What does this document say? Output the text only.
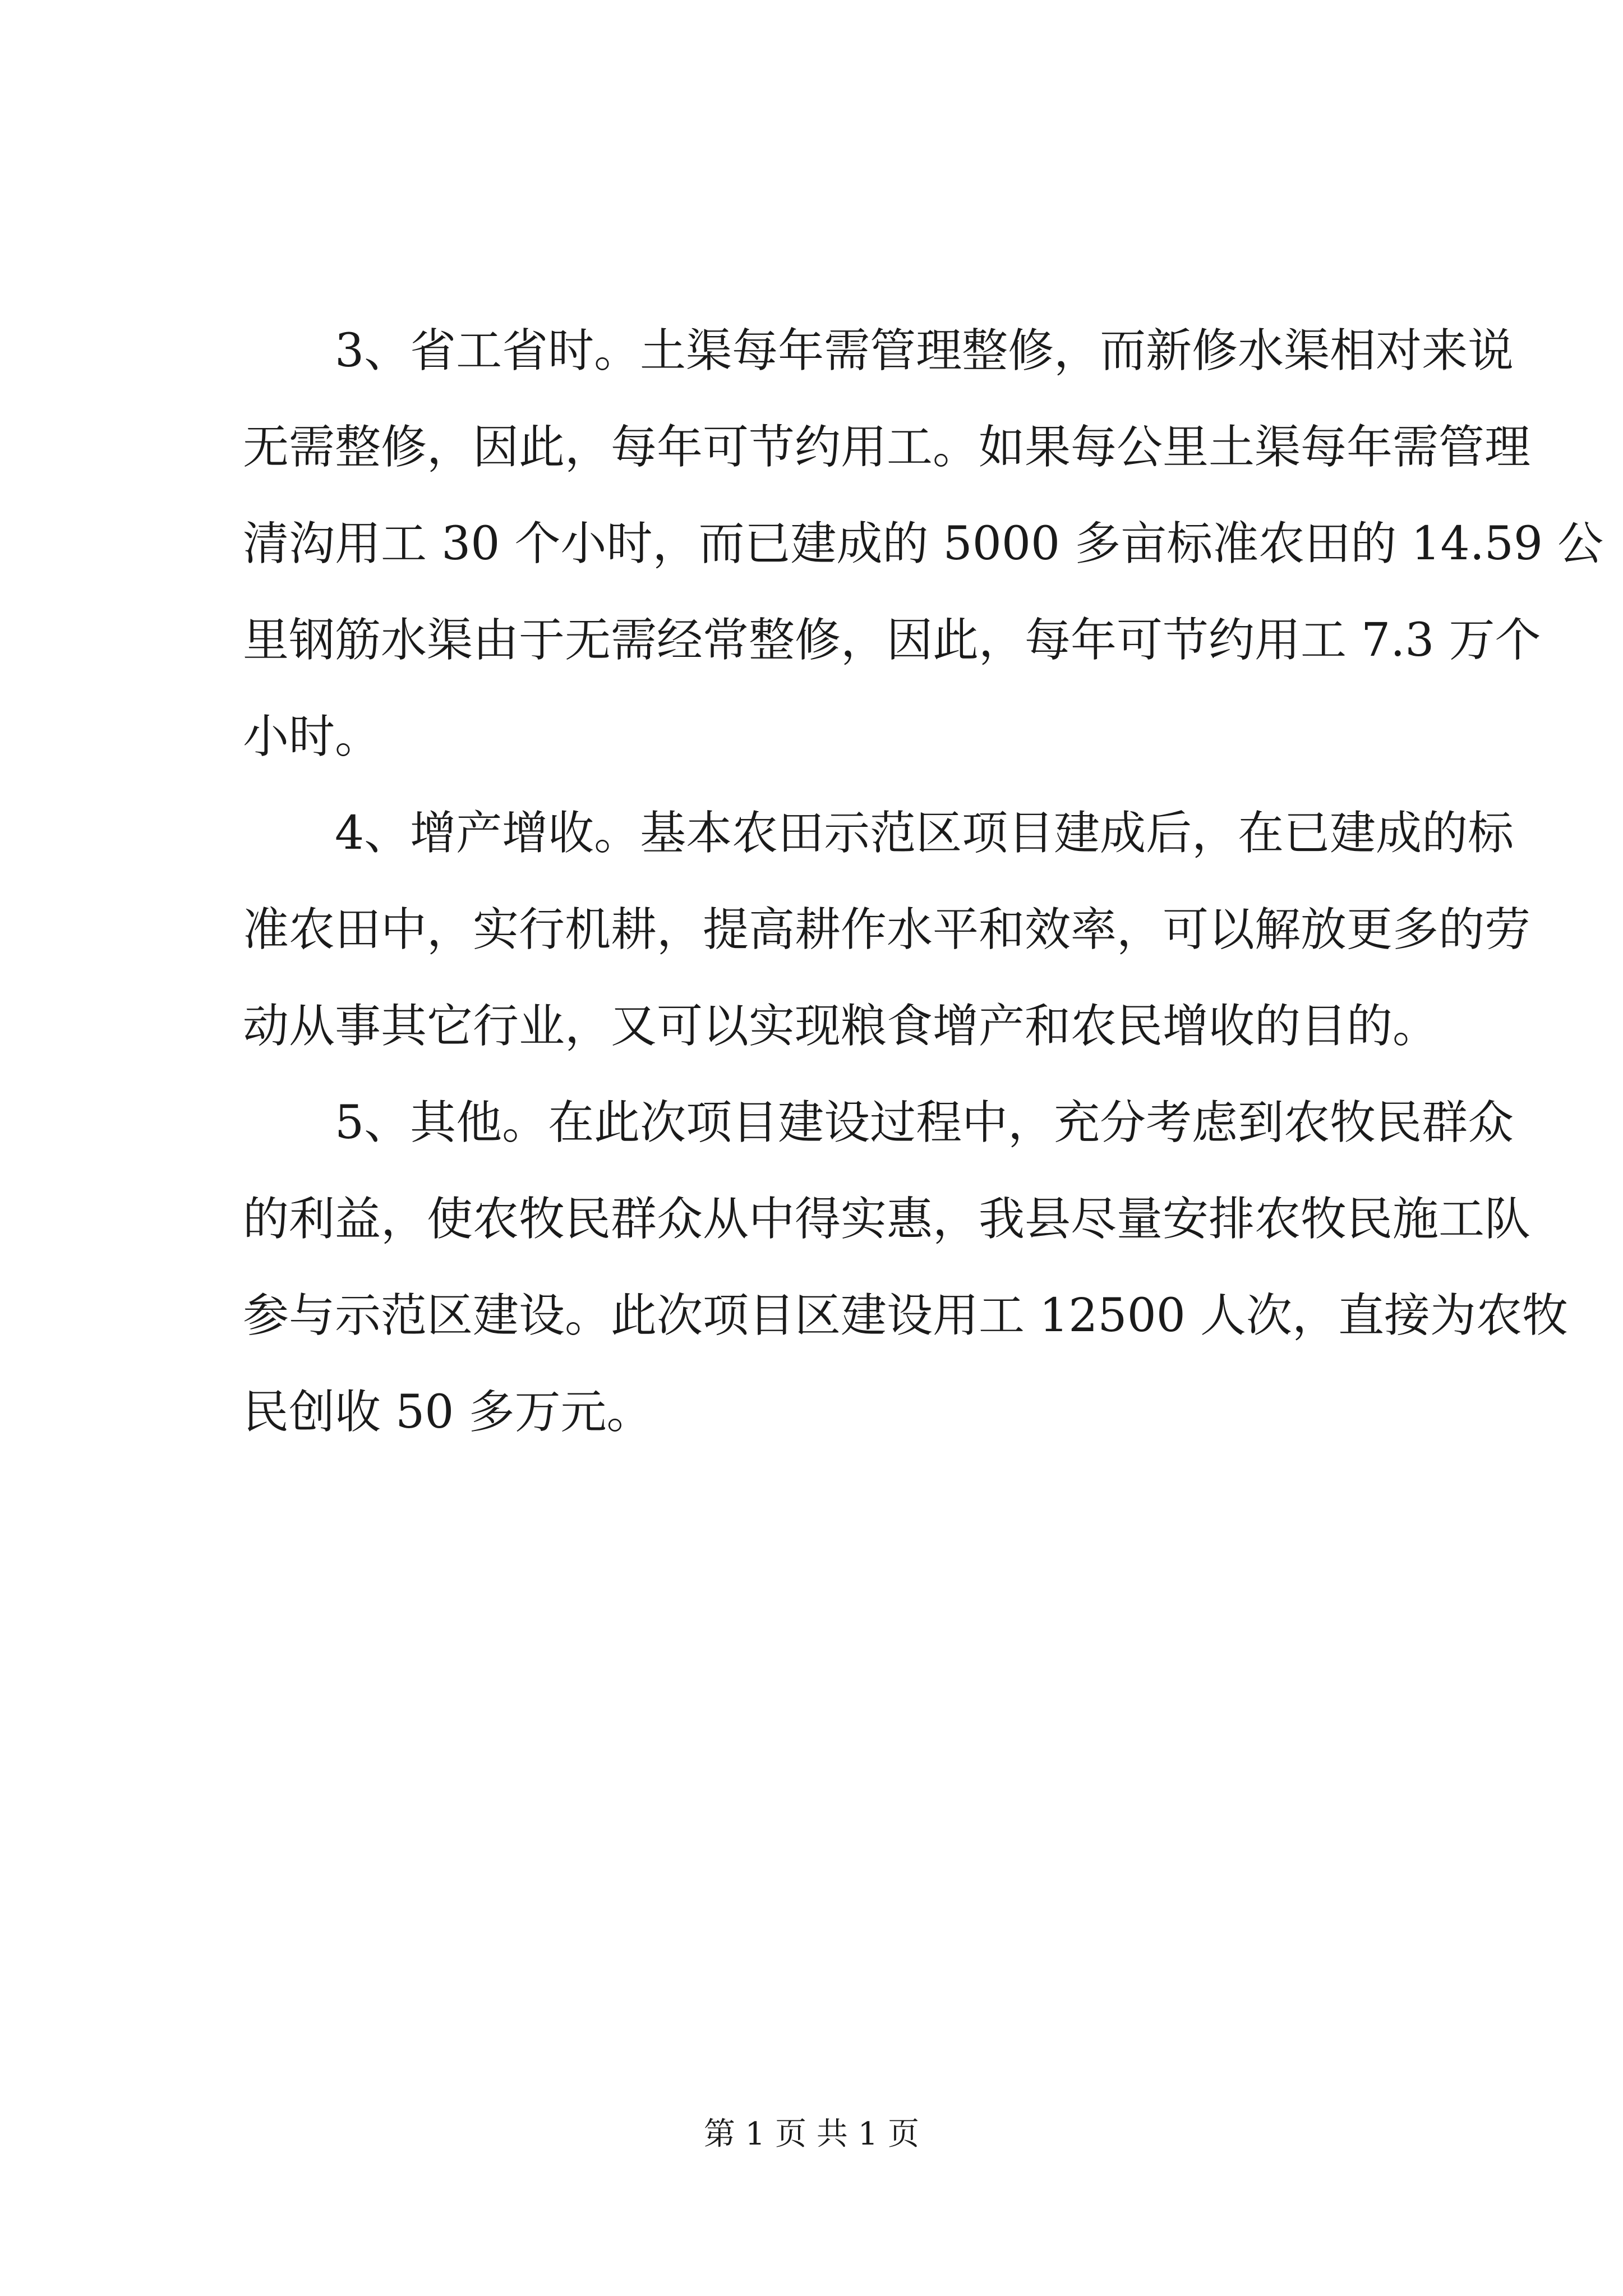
3、省工省时。土渠每年需管理整修，而新修水渠相对来说
无需整修，因此，每年可节约用工。如果每公里土渠每年需管理
清沟用工 30 个小时，而已建成的 5000 多亩标准农田的 14.59 公
里钢筋水渠由于无需经常整修，因此，每年可节约用工 7.3 万个
小时。
4、增产增收。基本农田示范区项目建成后，在已建成的标
准农田中，实行机耕，提高耕作水平和效率，可以解放更多的劳
动从事其它行业，又可以实现粮食增产和农民增收的目的。
5、其他。在此次项目建设过程中，充分考虑到农牧民群众
的利益，使农牧民群众从中得实惠，我县尽量安排农牧民施工队
参与示范区建设。此次项目区建设用工 12500 人次，直接为农牧
民创收 50 多万元。
第 1 页 共 1 页
